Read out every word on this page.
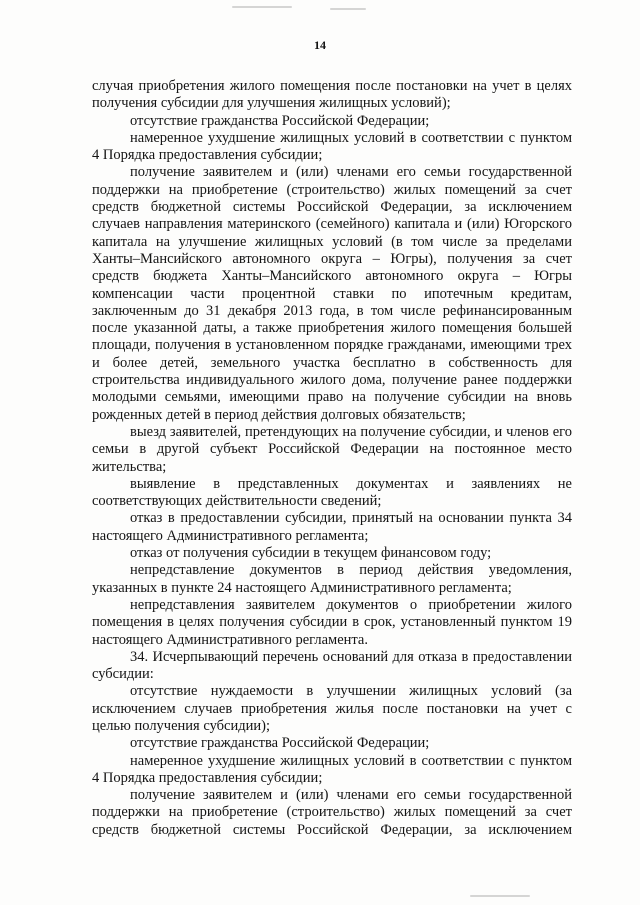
14

случая приобретения жилого помещения после постановки на учет в целях получения субсидии для улучшения жилищных условий);

отсутствие гражданства Российской Федерации;

намеренное ухудшение жилищных условий в соответствии с пунктом 4 Порядка предоставления субсидии;

получение заявителем и (или) членами его семьи государственной поддержки на приобретение (строительство) жилых помещений за счет средств бюджетной системы Российской Федерации, за исключением случаев направления материнского (семейного) капитала и (или) Югорского капитала на улучшение жилищных условий (в том числе за пределами Ханты–Мансийского автономного округа – Югры), получения за счет средств бюджета Ханты–Мансийского автономного округа – Югры компенсации части процентной ставки по ипотечным кредитам, заключенным до 31 декабря 2013 года, в том числе рефинансированным после указанной даты, а также приобретения жилого помещения большей площади, получения в установленном порядке гражданами, имеющими трех и более детей, земельного участка бесплатно в собственность для строительства индивидуального жилого дома, получение ранее поддержки молодыми семьями, имеющими право на получение субсидии на вновь рожденных детей в период действия долговых обязательств;

выезд заявителей, претендующих на получение субсидии, и членов его семьи в другой субъект Российской Федерации на постоянное место жительства;

выявление в представленных документах и заявлениях не соответствующих действительности сведений;

отказ в предоставлении субсидии, принятый на основании пункта 34 настоящего Административного регламента;

отказ от получения субсидии в текущем финансовом году;

непредставление документов в период действия уведомления, указанных в пункте 24 настоящего Административного регламента;

непредставления заявителем документов о приобретении жилого помещения в целях получения субсидии в срок, установленный пунктом 19 настоящего Административного регламента.

34. Исчерпывающий перечень оснований для отказа в предоставлении субсидии:

отсутствие нуждаемости в улучшении жилищных условий (за исключением случаев приобретения жилья после постановки на учет с целью получения субсидии);

отсутствие гражданства Российской Федерации;

намеренное ухудшение жилищных условий в соответствии с пунктом 4 Порядка предоставления субсидии;

получение заявителем и (или) членами его семьи государственной поддержки на приобретение (строительство) жилых помещений за счет средств бюджетной системы Российской Федерации, за исключением
